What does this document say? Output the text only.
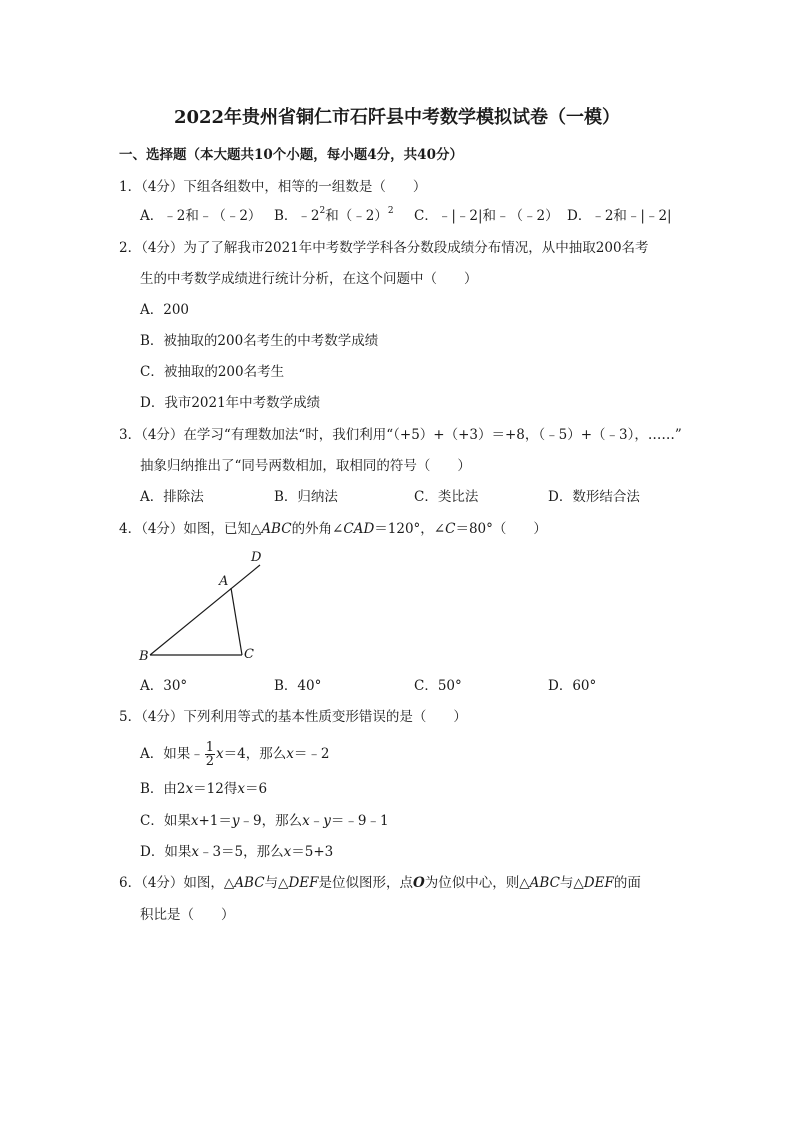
2022年贵州省铜仁市石阡县中考数学模拟试卷（一模）
一、选择题（本大题共10个小题，每小题4分，共40分）
1．（4分）下组各组数中，相等的一组数是（　　）
A．﹣2和﹣（﹣2） B．$﹣2^2$和（﹣2）$^2$ C．﹣|﹣2|和﹣（﹣2） D．﹣2和﹣|﹣2|
2．（4分）为了了解我市2021年中考数学学科各分数段成绩分布情况，从中抽取200名考
生的中考数学成绩进行统计分析，在这个问题中（　　）
A．200
B．被抽取的200名考生的中考数学成绩
C．被抽取的200名考生
D．我市2021年中考数学成绩
3．（4分）在学习“有理数加法“时，我们利用“（+5）+（+3）＝+8，（﹣5）+（﹣3），……”
抽象归纳推出了“同号两数相加，取相同的符号（　　）
A．排除法	B．归纳法	C．类比法	D．数形结合法
4．（4分）如图，已知△ABC的外角∠CAD＝120°，∠C＝80°（　　）
D
A
B	C
A．30°	B．40°	C．50°	D．60°
5．（4分）下列利用等式的基本性质变形错误的是（　　）
A．如果﹣ $\frac{1}{2} x=4$，那么x＝﹣2
B．由2x＝12得x＝6
C．如果x+1＝y﹣9，那么x﹣y＝﹣9﹣1
D．如果x﹣3＝5，那么x＝5+3
6．（4分）如图，△ABC与△DEF是位似图形，点O为位似中心，则△ABC与△DEF的面
积比是（　　）
